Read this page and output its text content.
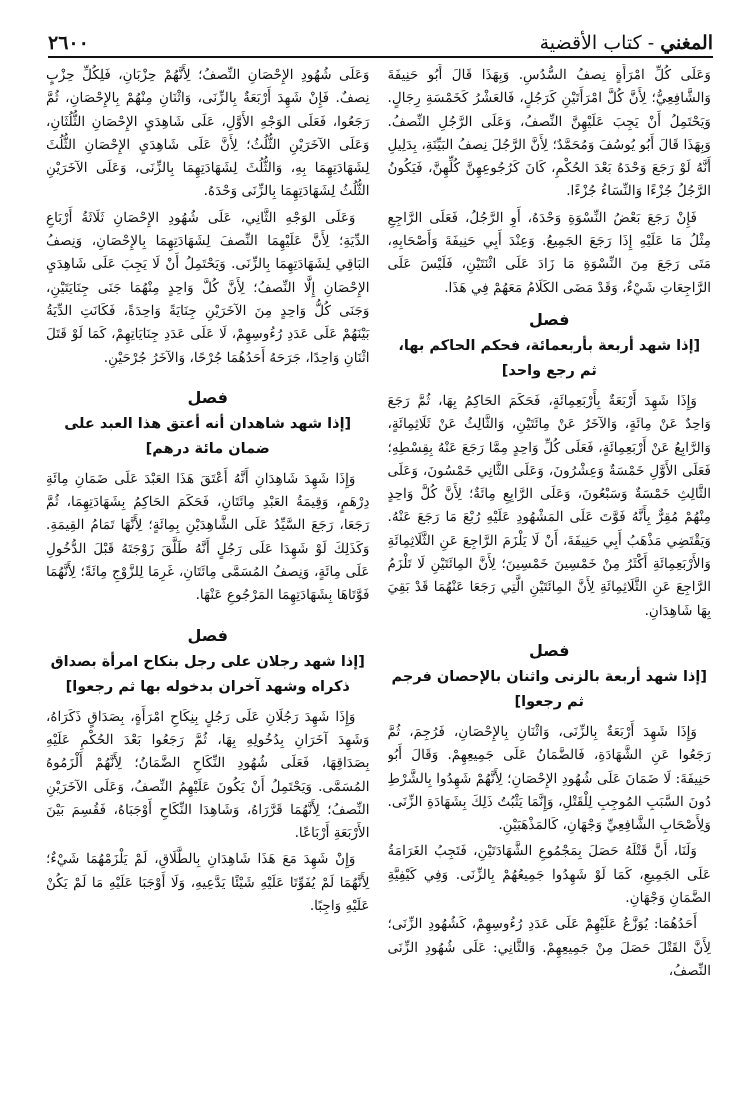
٢٦٠٠	المغني - كتاب الأقضية

وَعَلَى كُلِّ امْرَأَةٍ نِصفُ السُّدُسِ. وَبِهَذَا قَالَ أَبُو حَنِيفَةَ وَالشَّافِعِيُّ؛ لِأَنَّ كُلَّ امْرَأَتَيْنِ كَرَجُلٍ، فَالعَشْرُ كَخَمْسَةِ رِجَالٍ. وَيَحْتَمِلُ أَنْ يَجِبَ عَلَيْهِنَّ النِّصفُ، وَعَلَى الرَّجُلِ النِّصفُ. وَبِهَذَا قَالَ أَبُو يُوسُفَ وَمُحَمَّدٌ؛ لِأَنَّ الرَّجُلَ نِصفُ البَيِّنَةِ، بِدَلِيلِ أَنَّهُ لَوْ رَجَعَ وَحْدَهُ بَعْدَ الحُكْمِ، كَانَ كَرُجُوعِهِنَّ كُلِّهِنَّ، فَيَكُونُ الرَّجُلُ جُزْءًا وَالنِّسَاءُ جُزْءًا.

فَإِنْ رَجَعَ بَعْضُ النِّسْوَةِ وَحْدَهُ، أَوِ الرَّجُلُ، فَعَلَى الرَّاجِعِ مِثْلُ مَا عَلَيْهِ إِذَا رَجَعَ الجَمِيعُ. وَعِنْدَ أَبِي حَنِيفَةَ وَأَصْحَابِهِ، مَتَى رَجَعَ مِنَ النِّسْوَةِ مَا زَادَ عَلَى اثْنَتَيْنِ، فَلَيْسَ عَلَى الرَّاجِعَاتِ شَيْءٌ، وَقَدْ مَضَى الكَلَامُ مَعَهُمْ فِي هَذَا.

فصل
[إذا شهد أربعة بأربعمائة، فحكم الحاكم بها، ثم رجع واحد]

وَإِذَا شَهِدَ أَرْبَعَةٌ بِأَرْبَعِمِائَةٍ، فَحَكَمَ الحَاكِمُ بِهَا، ثُمَّ رَجَعَ وَاحِدٌ عَنْ مِائَةٍ، وَالآخَرُ عَنْ مِائَتَيْنِ، وَالثَّالِثُ عَنْ ثَلَاثِمِائَةٍ، وَالرَّابِعُ عَنْ أَرْبَعِمِائَةٍ، فَعَلَى كُلِّ وَاحِدٍ مِمَّا رَجَعَ عَنْهُ بِقِسْطِهِ؛ فَعَلَى الأَوَّلِ خَمْسَةٌ وَعِشْرُونَ، وَعَلَى الثَّانِي خَمْسُونَ، وَعَلَى الثَّالِثِ خَمْسَةٌ وَسَبْعُونَ، وَعَلَى الرَّابِعِ مِائَةٌ؛ لِأَنَّ كُلَّ وَاحِدٍ مِنْهُمْ مُقِرٌّ بِأَنَّهُ فَوَّتَ عَلَى المَشْهُودِ عَلَيْهِ رُبْعَ مَا رَجَعَ عَنْهُ. وَيَقْتَضِي مَذْهَبُ أَبِي حَنِيفَةَ، أَنْ لَا يَلْزَمَ الرَّاجِعَ عَنِ الثَّلَاثِمِائَةِ وَالأَرْبَعِمِائَةِ أَكْثَرُ مِنْ خَمْسِينَ خَمْسِينَ؛ لِأَنَّ المِائَتَيْنِ لَا تَلْزَمُ الرَّاجِعَ عَنِ الثَّلَاثِمِائَةِ لِأَنَّ المِائَتَيْنِ الَّتِي رَجَعَا عَنْهُمَا قَدْ بَقِيَ بِهَا شَاهِدَانِ.

فصل
[إذا شهد أربعة بالزنى واثنان بالإحصان فرجم ثم رجعوا]

وَإِذَا شَهِدَ أَرْبَعَةٌ بِالزِّنَى، وَاثْنَانِ بِالإِحْصَانِ، فَرُجِمَ، ثُمَّ رَجَعُوا عَنِ الشَّهَادَةِ، فَالضَّمَانُ عَلَى جَمِيعِهِمْ. وَقَالَ أَبُو حَنِيفَةَ: لَا ضَمَانَ عَلَى شُهُودِ الإِحْصَانِ؛ لِأَنَّهُمْ شَهِدُوا بِالشَّرْطِ دُونَ السَّبَبِ المُوجِبِ لِلْقَتْلِ، وَإِنَّمَا يَثْبُتُ ذَلِكَ بِشَهَادَةِ الزِّنَى. وَلِأَصْحَابِ الشَّافِعِيِّ وَجْهَانِ، كَالمَذْهَبَيْنِ.

وَلَنَا، أَنَّ قَتْلَهُ حَصَلَ بِمَجْمُوعِ الشَّهَادَتَيْنِ، فَتَجِبُ الغَرَامَةُ عَلَى الجَمِيعِ، كَمَا لَوْ شَهِدُوا جَمِيعُهُمْ بِالزِّنَى. وَفِي كَيْفِيَّةِ الضَّمَانِ وَجْهَانِ.

أَحَدُهُمَا: يُوَزَّعُ عَلَيْهِمْ عَلَى عَدَدِ رُءُوسِهِمْ، كَشُهُودِ الزِّنَى؛ لِأَنَّ القَتْلَ حَصَلَ مِنْ جَمِيعِهِمْ. وَالثَّانِي: عَلَى شُهُودِ الزِّنَى النِّصفُ،

وَعَلَى شُهُودِ الإِحْصَانِ النِّصفُ؛ لِأَنَّهُمْ حِزْبَانِ، فَلِكُلِّ حِزْبٍ نِصفٌ. فَإِنْ شَهِدَ أَرْبَعَةٌ بِالزِّنَى، وَاثْنَانِ مِنْهُمْ بِالإِحْصَانِ، ثُمَّ رَجَعُوا، فَعَلَى الوَجْهِ الأَوَّلِ، عَلَى شَاهِدَيِ الإِحْصَانِ الثُّلُثَانِ، وَعَلَى الآخَرَيْنِ الثُّلُثُ؛ لِأَنَّ عَلَى شَاهِدَيِ الإِحْصَانِ الثُّلُثَ لِشَهَادَتِهِمَا بِهِ، وَالثُّلُثَ لِشَهَادَتِهِمَا بِالزِّنَى، وَعَلَى الآخَرَيْنِ الثُّلُثُ لِشَهَادَتِهِمَا بِالزِّنَى وَحْدَهُ.

وَعَلَى الوَجْهِ الثَّانِي، عَلَى شُهُودِ الإِحْصَانِ ثَلَاثَةُ أَرْبَاعِ الدِّيَةِ؛ لِأَنَّ عَلَيْهِمَا النِّصفَ لِشَهَادَتِهِمَا بِالإِحْصَانِ، وَنِصفُ البَاقِي لِشَهَادَتِهِمَا بِالزِّنَى. وَيَحْتَمِلُ أَنْ لَا يَجِبَ عَلَى شَاهِدَيِ الإِحْصَانِ إِلَّا النِّصفُ؛ لِأَنَّ كُلَّ وَاحِدٍ مِنْهُمَا جَنَى جِنَايَتَيْنِ، وَجَنَى كُلُّ وَاحِدٍ مِنَ الآخَرَيْنِ جِنَايَةً وَاحِدَةً، فَكَانَتِ الدِّيَةُ بَيْنَهُمْ عَلَى عَدَدِ رُءُوسِهِمْ، لَا عَلَى عَدَدِ جِنَايَاتِهِمْ، كَمَا لَوْ قَتَلَ اثْنَانِ وَاحِدًا، جَرَحَهُ أَحَدُهُمَا جُرْحًا، وَالآخَرُ جُرْحَيْنِ.

فصل
[إذا شهد شاهدان أنه أعتق هذا العبد على ضمان مائة درهم]

وَإِذَا شَهِدَ شَاهِدَانِ أَنَّهُ أَعْتَقَ هَذَا العَبْدَ عَلَى ضَمَانِ مِائَةِ دِرْهَمٍ، وَقِيمَةُ العَبْدِ مِائَتَانِ، فَحَكَمَ الحَاكِمُ بِشَهَادَتِهِمَا، ثُمَّ رَجَعَا، رَجَعَ السَّيِّدُ عَلَى الشَّاهِدَيْنِ بِمِائَةٍ؛ لِأَنَّهَا تَمَامُ القِيمَةِ. وَكَذَلِكَ لَوْ شَهِدَا عَلَى رَجُلٍ أَنَّهُ طَلَّقَ زَوْجَتَهُ قَبْلَ الدُّخُولِ عَلَى مِائَةٍ، وَنِصفُ المُسَمَّى مِائَتَانِ، غَرِمَا لِلزَّوْجِ مِائَةً؛ لِأَنَّهُمَا فَوَّتَاهَا بِشَهَادَتِهِمَا المَرْجُوعِ عَنْهَا.

فصل
[إذا شهد رجلان على رجل بنكاح امرأة بصداق ذكراه وشهد آخران بدخوله بها ثم رجعوا]

وَإِذَا شَهِدَ رَجُلَانِ عَلَى رَجُلٍ بِنِكَاحِ امْرَأَةٍ، بِصَدَاقٍ ذَكَرَاهُ، وَشَهِدَ آخَرَانِ بِدُخُولِهِ بِهَا، ثُمَّ رَجَعُوا بَعْدَ الحُكْمِ عَلَيْهِ بِصَدَاقِهَا، فَعَلَى شُهُودِ النِّكَاحِ الضَّمَانُ؛ لِأَنَّهُمْ أَلْزَمُوهُ المُسَمَّى. وَيَحْتَمِلُ أَنْ يَكُونَ عَلَيْهِمُ النِّصفُ، وَعَلَى الآخَرَيْنِ النِّصفُ؛ لِأَنَّهُمَا قَرَّرَاهُ، وَشَاهِدَا النِّكَاحِ أَوْجَبَاهُ، فَقُسِمَ بَيْنَ الأَرْبَعَةِ أَرْبَاعًا.

وَإِنْ شَهِدَ مَعَ هَذَا شَاهِدَانِ بِالطَّلَاقِ، لَمْ يَلْزَمْهُمَا شَيْءٌ؛ لِأَنَّهُمَا لَمْ يُفَوِّتَا عَلَيْهِ شَيْئًا يَدَّعِيهِ، وَلَا أَوْجَبَا عَلَيْهِ مَا لَمْ يَكُنْ عَلَيْهِ وَاجِبًا.
